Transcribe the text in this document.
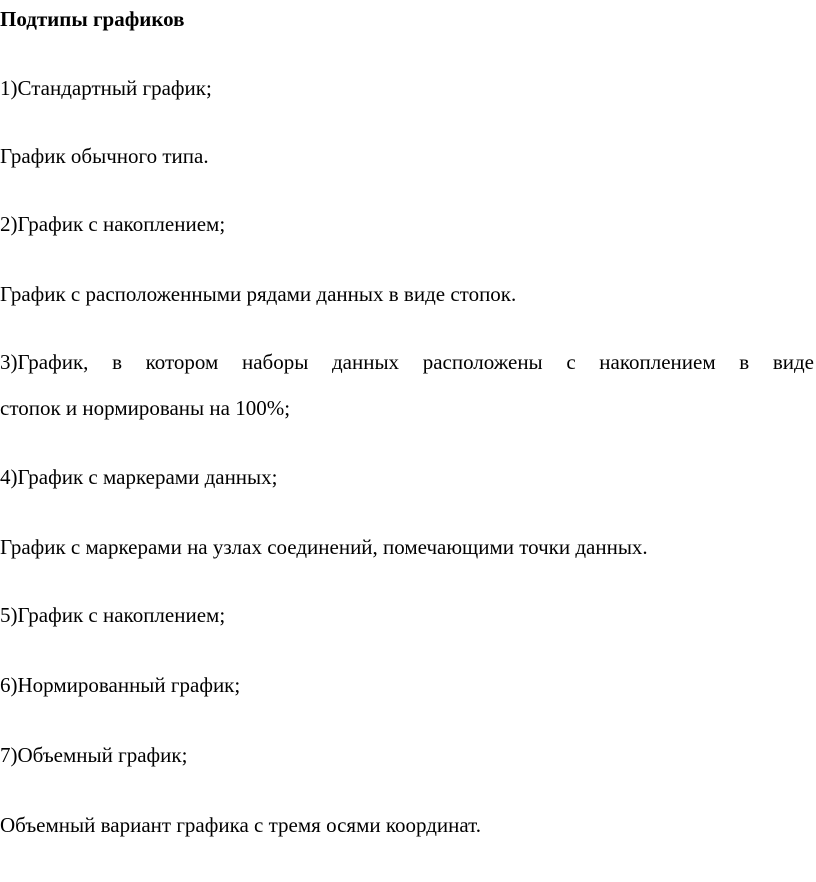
Подтипы графиков

1)Стандартный график;

График обычного типа.

2)График с накоплением;

График с расположенными рядами данных в виде стопок.

3)График, в котором наборы данных расположены с накоплением в виде

стопок и нормированы на 100%;

4)График с маркерами данных;

График с маркерами на узлах соединений, помечающими точки данных.

5)График с накоплением;

6)Нормированный график;

7)Объемный график;

Объемный вариант графика с тремя осями координат.
